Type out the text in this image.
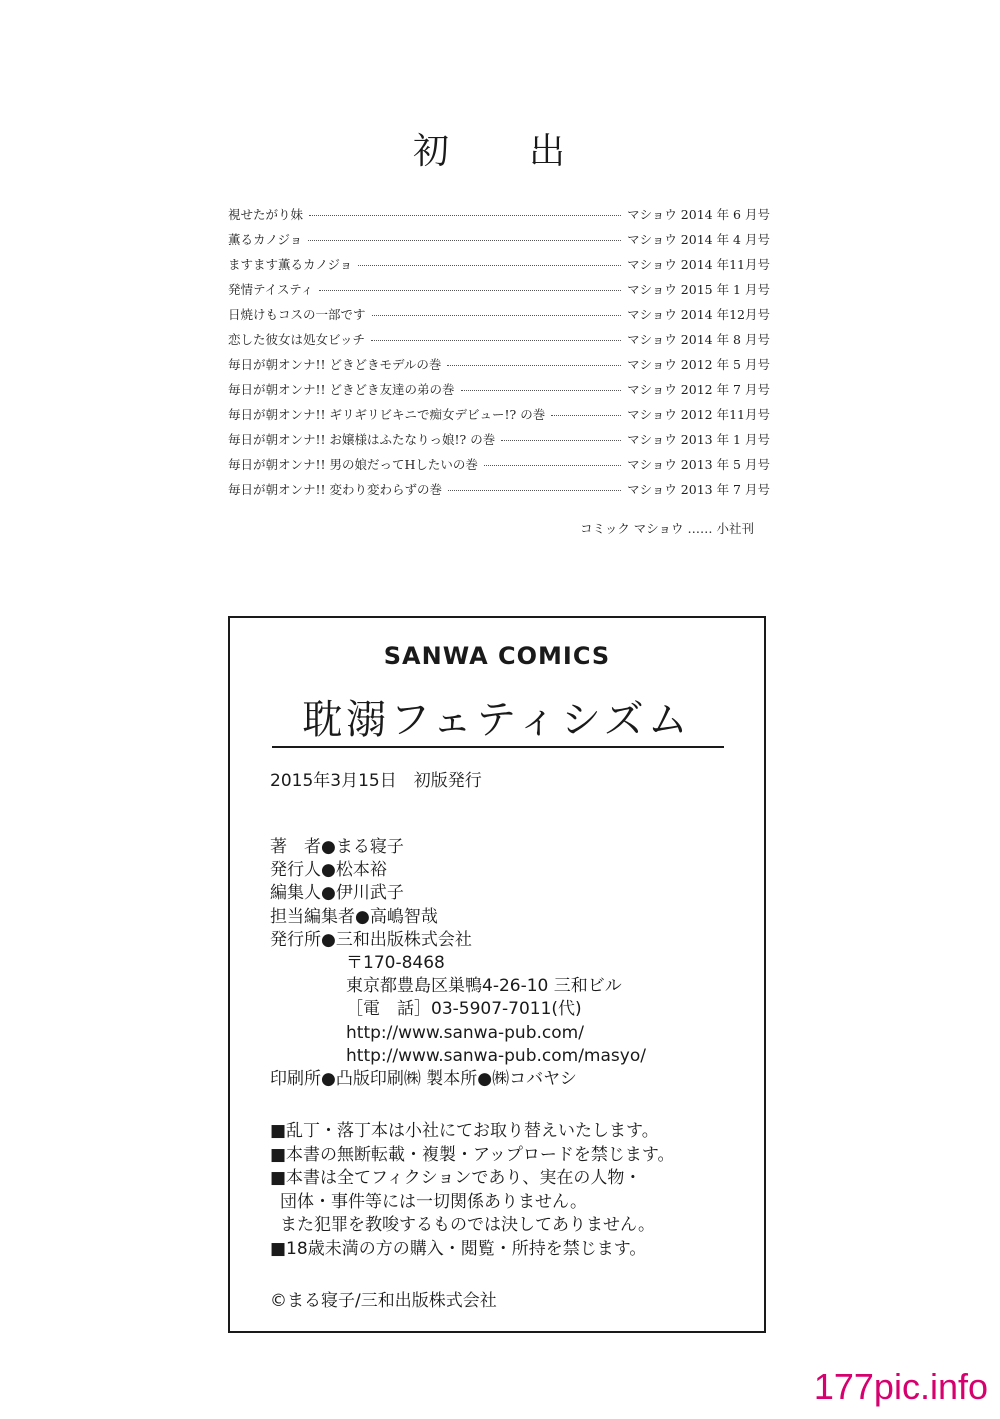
初　出
視せたがり妹	マショウ 2014 年 6 月号
薫るカノジョ	マショウ 2014 年 4 月号
ますます薫るカノジョ	マショウ 2014 年11月号
発情テイスティ	マショウ 2015 年 1 月号
日焼けもコスの一部です	マショウ 2014 年12月号
恋した彼女は処女ビッチ	マショウ 2014 年 8 月号
毎日が朝オンナ!! どきどきモデルの巻	マショウ 2012 年 5 月号
毎日が朝オンナ!! どきどき友達の弟の巻	マショウ 2012 年 7 月号
毎日が朝オンナ!! ギリギリビキニで痴女デビュー!? の巻	マショウ 2012 年11月号
毎日が朝オンナ!! お嬢様はふたなりっ娘!? の巻	マショウ 2013 年 1 月号
毎日が朝オンナ!! 男の娘だってHしたいの巻	マショウ 2013 年 5 月号
毎日が朝オンナ!! 変わり変わらずの巻	マショウ 2013 年 7 月号
コミック マショウ …… 小社刊
SANWA COMICS
耽溺フェティシズム
2015年3月15日　初版発行
著　者●まる寝子
発行人●松本裕
編集人●伊川武子
担当編集者●高嶋智哉
発行所●三和出版株式会社
〒170-8468
東京都豊島区巣鴨4-26-10 三和ビル
［電　話］03-5907-7011(代)
http://www.sanwa-pub.com/
http://www.sanwa-pub.com/masyo/
印刷所●凸版印刷㈱ 製本所●㈱コバヤシ
■乱丁・落丁本は小社にてお取り替えいたします。
■本書の無断転載・複製・アップロードを禁じます。
■本書は全てフィクションであり、実在の人物・
団体・事件等には一切関係ありません。
また犯罪を教唆するものでは決してありません。
■18歳未満の方の購入・閲覧・所持を禁じます。
©まる寝子/三和出版株式会社
177pic.info
